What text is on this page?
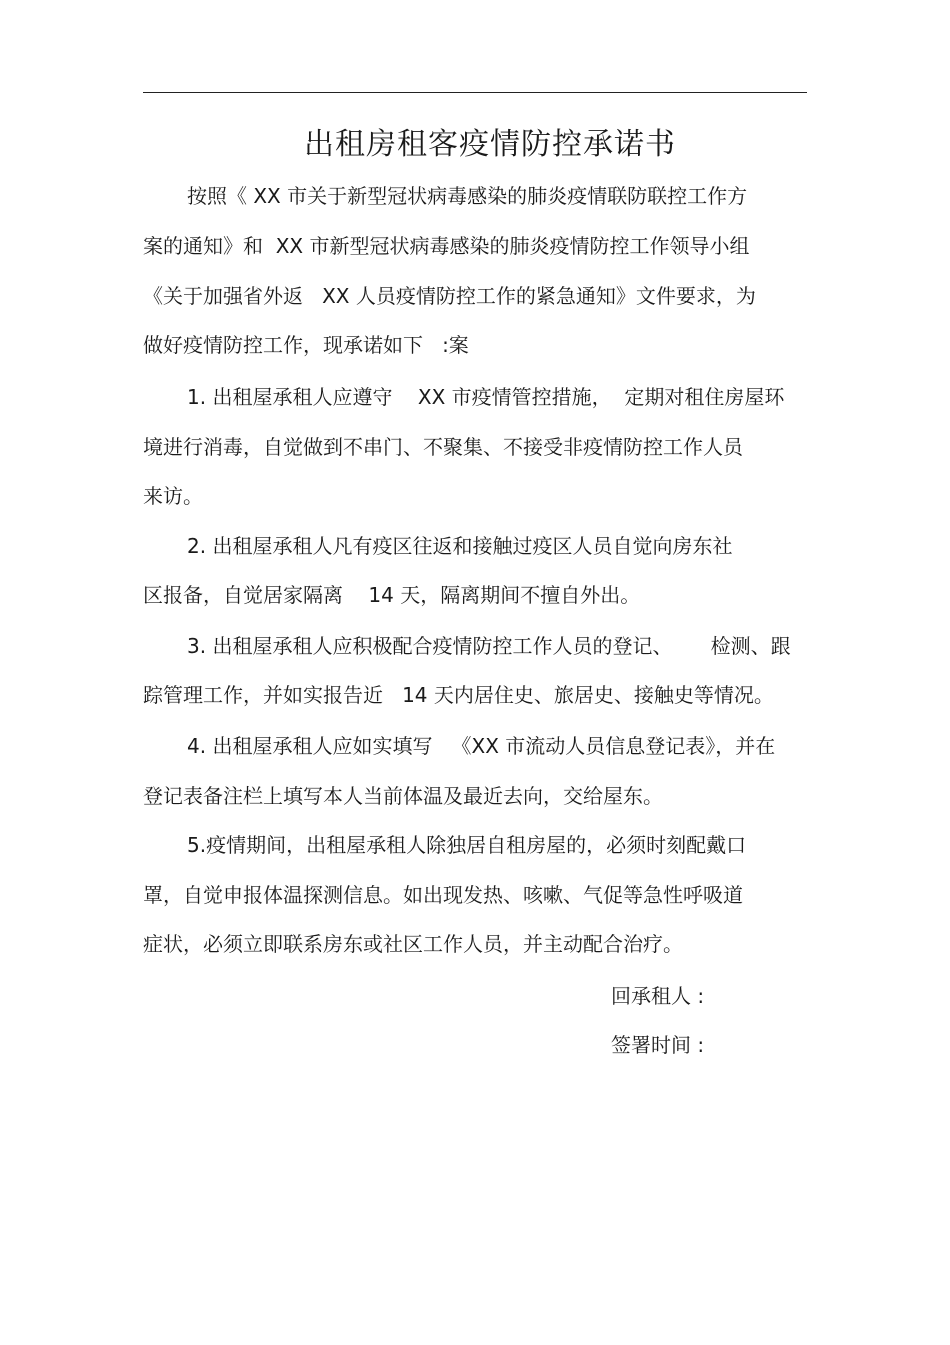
出租房租客疫情防控承诺书
按照《 XX 市关于新型冠状病毒感染的肺炎疫情联防联控工作方
案的通知》和  XX 市新型冠状病毒感染的肺炎疫情防控工作领导小组
《关于加强省外返   XX 人员疫情防控工作的紧急通知》文件要求，为
做好疫情防控工作，现承诺如下   :案
1. 出租屋承租人应遵守    XX 市疫情管控措施，  定期对租住房屋环
境进行消毒，自觉做到不串门、不聚集、不接受非疫情防控工作人员
来访。
2. 出租屋承租人凡有疫区往返和接触过疫区人员自觉向房东社
区报备，自觉居家隔离    14 天，隔离期间不擅自外出。
3. 出租屋承租人应积极配合疫情防控工作人员的登记、      检测、跟
踪管理工作，并如实报告近   14 天内居住史、旅居史、接触史等情况。
4. 出租屋承租人应如实填写   《XX 市流动人员信息登记表》，并在
登记表备注栏上填写本人当前体温及最近去向，交给屋东。
5.疫情期间，出租屋承租人除独居自租房屋的，必须时刻配戴口
罩，自觉申报体温探测信息。如出现发热、咳嗽、气促等急性呼吸道
症状，必须立即联系房东或社区工作人员，并主动配合治疗。
回承租人 :
签署时间 :
